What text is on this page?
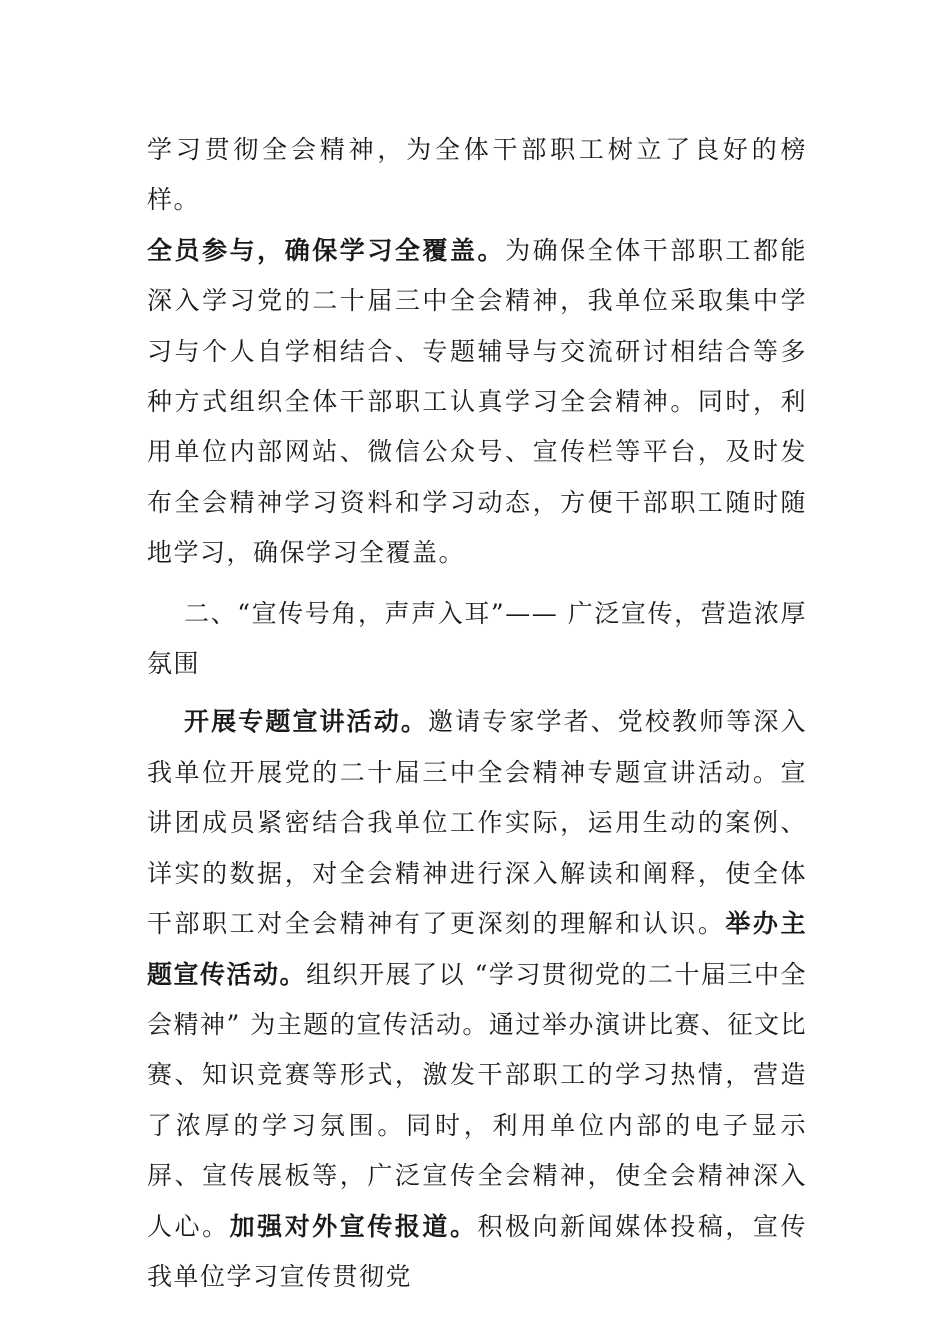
学习贯彻全会精神，为全体干部职工树立了良好的榜样。

全员参与，确保学习全覆盖。为确保全体干部职工都能深入学习党的二十届三中全会精神，我单位采取集中学习与个人自学相结合、专题辅导与交流研讨相结合等多种方式组织全体干部职工认真学习全会精神。同时，利用单位内部网站、微信公众号、宣传栏等平台，及时发布全会精神学习资料和学习动态，方便干部职工随时随地学习，确保学习全覆盖。

二、“宣传号角，声声入耳”—— 广泛宣传，营造浓厚氛围

开展专题宣讲活动。邀请专家学者、党校教师等深入我单位开展党的二十届三中全会精神专题宣讲活动。宣讲团成员紧密结合我单位工作实际，运用生动的案例、详实的数据，对全会精神进行深入解读和阐释，使全体干部职工对全会精神有了更深刻的理解和认识。举办主题宣传活动。组织开展了以 “学习贯彻党的二十届三中全会精神” 为主题的宣传活动。通过举办演讲比赛、征文比赛、知识竞赛等形式，激发干部职工的学习热情，营造了浓厚的学习氛围。同时，利用单位内部的电子显示屏、宣传展板等，广泛宣传全会精神，使全会精神深入人心。加强对外宣传报道。积极向新闻媒体投稿，宣传我单位学习宣传贯彻党
